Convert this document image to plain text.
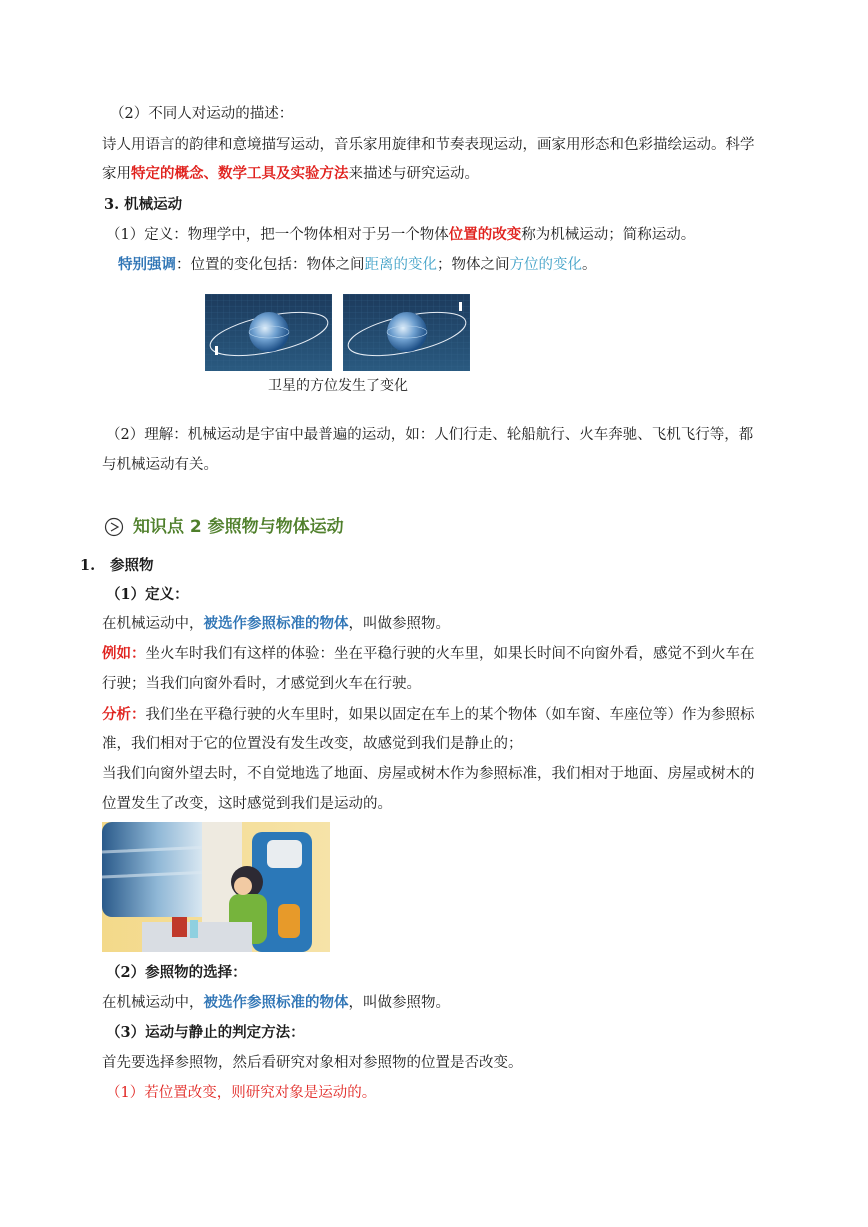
（2）不同人对运动的描述：
诗人用语言的韵律和意境描写运动，音乐家用旋律和节奏表现运动，画家用形态和色彩描绘运动。科学
家用特定的概念、数学工具及实验方法来描述与研究运动。
3. 机械运动
（1）定义：物理学中，把一个物体相对于另一个物体位置的改变称为机械运动；简称运动。
特别强调：位置的变化包括：物体之间距离的变化；物体之间方位的变化。
卫星的方位发生了变化
（2）理解：机械运动是宇宙中最普遍的运动，如：人们行走、轮船航行、火车奔驰、飞机飞行等，都
与机械运动有关。
知识点 2 参照物与物体运动
1. 参照物
（1）定义：
在机械运动中，被选作参照标准的物体，叫做参照物。
例如：坐火车时我们有这样的体验：坐在平稳行驶的火车里，如果长时间不向窗外看，感觉不到火车在
行驶；当我们向窗外看时，才感觉到火车在行驶。
分析：我们坐在平稳行驶的火车里时，如果以固定在车上的某个物体（如车窗、车座位等）作为参照标
准，我们相对于它的位置没有发生改变，故感觉到我们是静止的；
当我们向窗外望去时，不自觉地选了地面、房屋或树木作为参照标准，我们相对于地面、房屋或树木的
位置发生了改变，这时感觉到我们是运动的。
（2）参照物的选择：
在机械运动中，被选作参照标准的物体，叫做参照物。
（3）运动与静止的判定方法：
首先要选择参照物，然后看研究对象相对参照物的位置是否改变。
（1）若位置改变，则研究对象是运动的。
